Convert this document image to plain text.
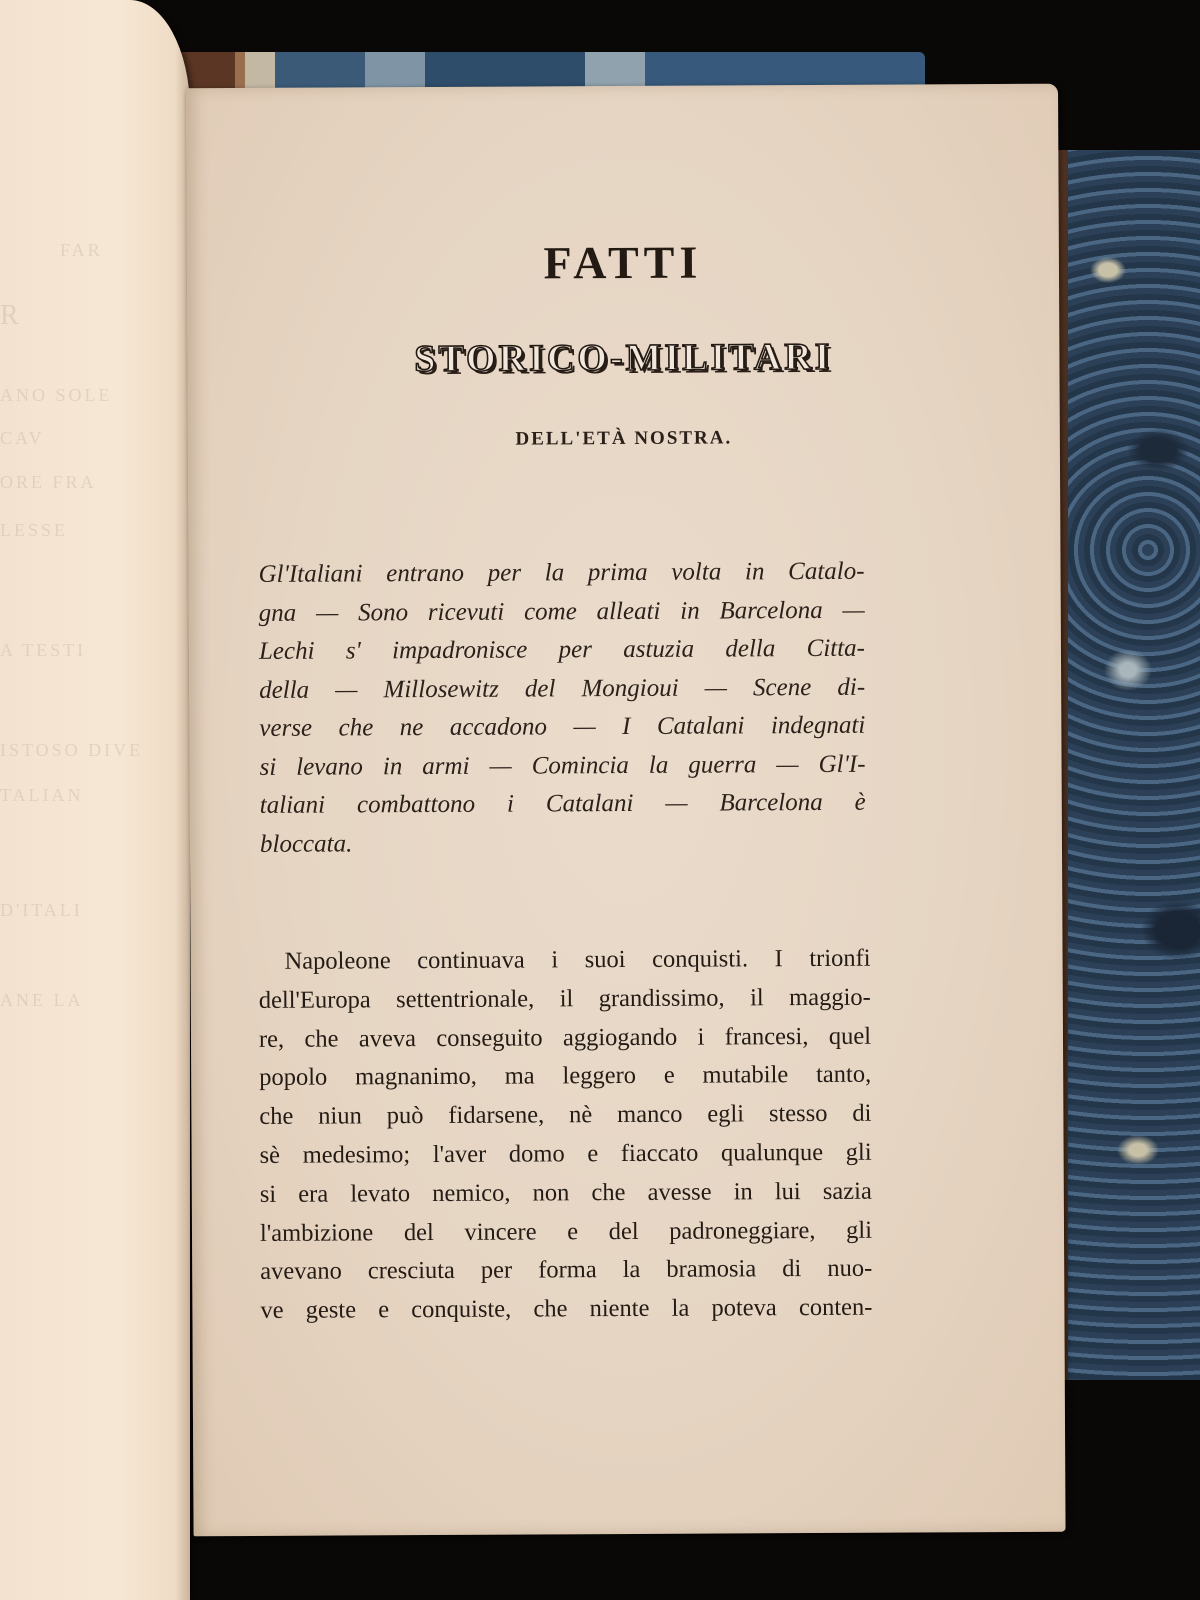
FAR
R
ANO SOLE
CAV
ORE FRA
LESSE
A TESTI
ISTOSO DIVE
TALIAN
D'ITALI
ANE LA
FATTI
STORICO-MILITARI
DELL'ETÀ NOSTRA.
Gl'Italiani entrano per la prima volta in Catalo-
gna — Sono ricevuti come alleati in Barcelona —
Lechi s' impadronisce per astuzia della Citta-
della — Millosewitz del Mongioui — Scene di-
verse che ne accadono — I Catalani indegnati
si levano in armi — Comincia la guerra — Gl'I-
taliani combattono i Catalani — Barcelona è
bloccata.
Napoleone continuava i suoi conquisti. I trionfi
dell'Europa settentrionale, il grandissimo, il maggio-
re, che aveva conseguito aggiogando i francesi, quel
popolo magnanimo, ma leggero e mutabile tanto,
che niun può fidarsene, nè manco egli stesso di
sè medesimo; l'aver domo e fiaccato qualunque gli
si era levato nemico, non che avesse in lui sazia
l'ambizione del vincere e del padroneggiare, gli
avevano cresciuta per forma la bramosia di nuo-
ve geste e conquiste, che niente la poteva conten-
